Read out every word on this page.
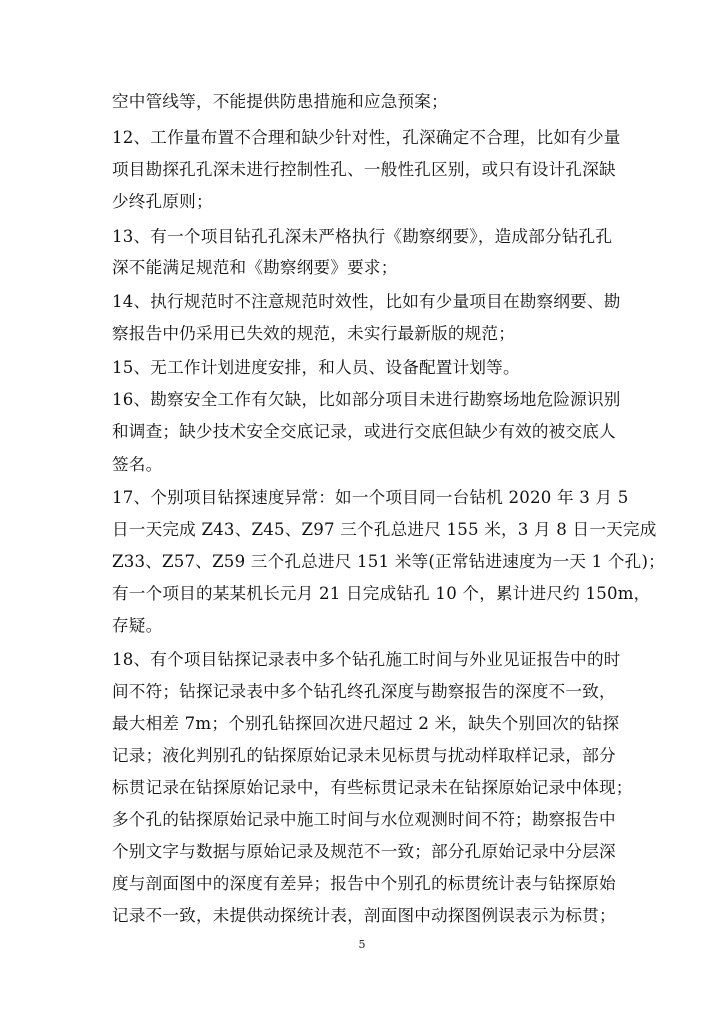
空中管线等，不能提供防患措施和应急预案；
12、工作量布置不合理和缺少针对性，孔深确定不合理，比如有少量
项目勘探孔孔深未进行控制性孔、一般性孔区别，或只有设计孔深缺
少终孔原则；
13、有一个项目钻孔孔深未严格执行《勘察纲要》，造成部分钻孔孔
深不能满足规范和《勘察纲要》要求；
14、执行规范时不注意规范时效性，比如有少量项目在勘察纲要、勘
察报告中仍采用已失效的规范，未实行最新版的规范；
15、无工作计划进度安排，和人员、设备配置计划等。
16、勘察安全工作有欠缺，比如部分项目未进行勘察场地危险源识别
和调查；缺少技术安全交底记录，或进行交底但缺少有效的被交底人
签名。
17、个别项目钻探速度异常：如一个项目同一台钻机 2020 年 3 月 5
日一天完成 Z43、Z45、Z97 三个孔总进尺 155 米，3 月 8 日一天完成
Z33、Z57、Z59 三个孔总进尺 151 米等(正常钻进速度为一天 1 个孔)；
有一个项目的某某机长元月 21 日完成钻孔 10 个，累计进尺约 150m，
存疑。
18、有个项目钻探记录表中多个钻孔施工时间与外业见证报告中的时
间不符；钻探记录表中多个钻孔终孔深度与勘察报告的深度不一致，
最大相差 7m；个别孔钻探回次进尺超过 2 米，缺失个别回次的钻探
记录；液化判别孔的钻探原始记录未见标贯与扰动样取样记录，部分
标贯记录在钻探原始记录中，有些标贯记录未在钻探原始记录中体现；
多个孔的钻探原始记录中施工时间与水位观测时间不符；勘察报告中
个别文字与数据与原始记录及规范不一致；部分孔原始记录中分层深
度与剖面图中的深度有差异；报告中个别孔的标贯统计表与钻探原始
记录不一致，未提供动探统计表，剖面图中动探图例误表示为标贯；
5
